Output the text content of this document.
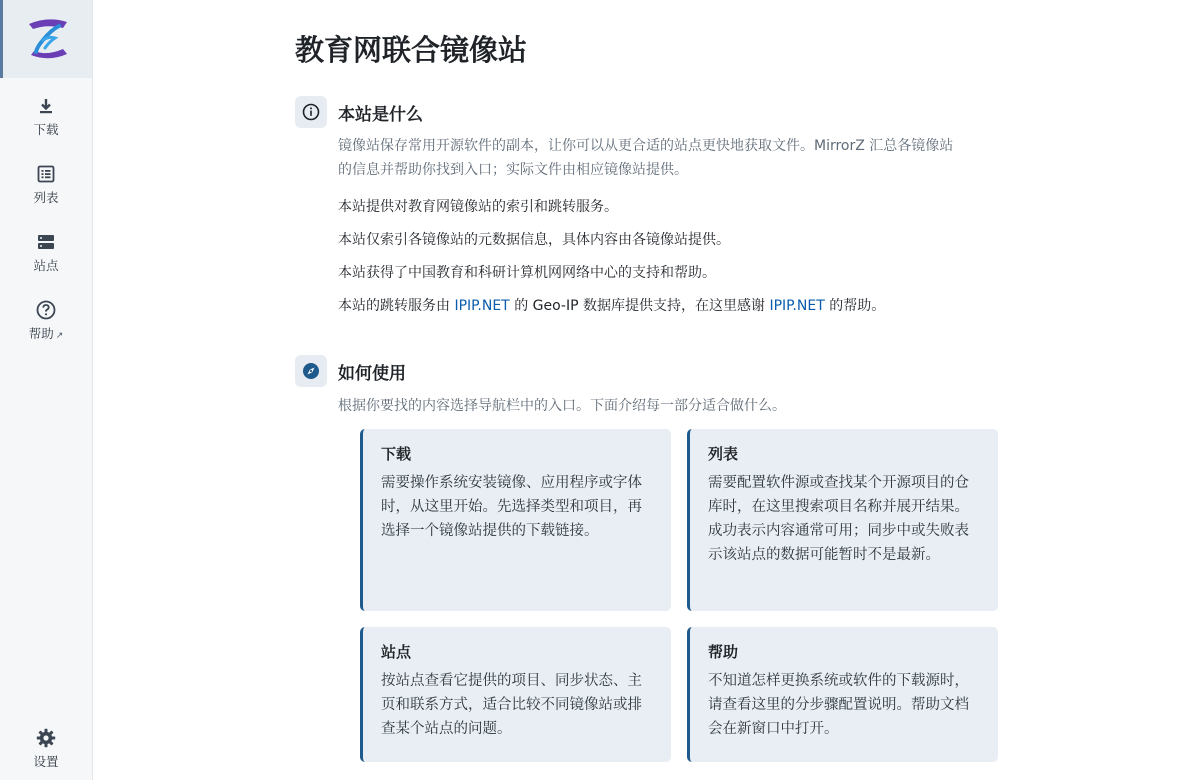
下载
列表
站点
帮助 ↗
设置
教育网联合镜像站
本站是什么

镜像站保存常用开源软件的副本，让你可以从更合适的站点更快地获取文件。MirrorZ 汇总各镜像站
的信息并帮助你找到入口；实际文件由相应镜像站提供。

本站提供对教育网镜像站的索引和跳转服务。

本站仅索引各镜像站的元数据信息，具体内容由各镜像站提供。

本站获得了中国教育和科研计算机网网络中心的支持和帮助。

本站的跳转服务由 IPIP.NET 的 Geo-IP 数据库提供支持，在这里感谢 IPIP.NET 的帮助。

如何使用

根据你要找的内容选择导航栏中的入口。下面介绍每一部分适合做什么。

下载
需要操作系统安装镜像、应用程序或字体时，从这里开始。先选择类型和项目，再选择一个镜像站提供的下载链接。
列表
需要配置软件源或查找某个开源项目的仓库时，在这里搜索项目名称并展开结果。成功表示内容通常可用；同步中或失败表示该站点的数据可能暂时不是最新。
站点
按站点查看它提供的项目、同步状态、主页和联系方式，适合比较不同镜像站或排查某个站点的问题。
帮助
不知道怎样更换系统或软件的下载源时，请查看这里的分步骤配置说明。帮助文档会在新窗口中打开。
